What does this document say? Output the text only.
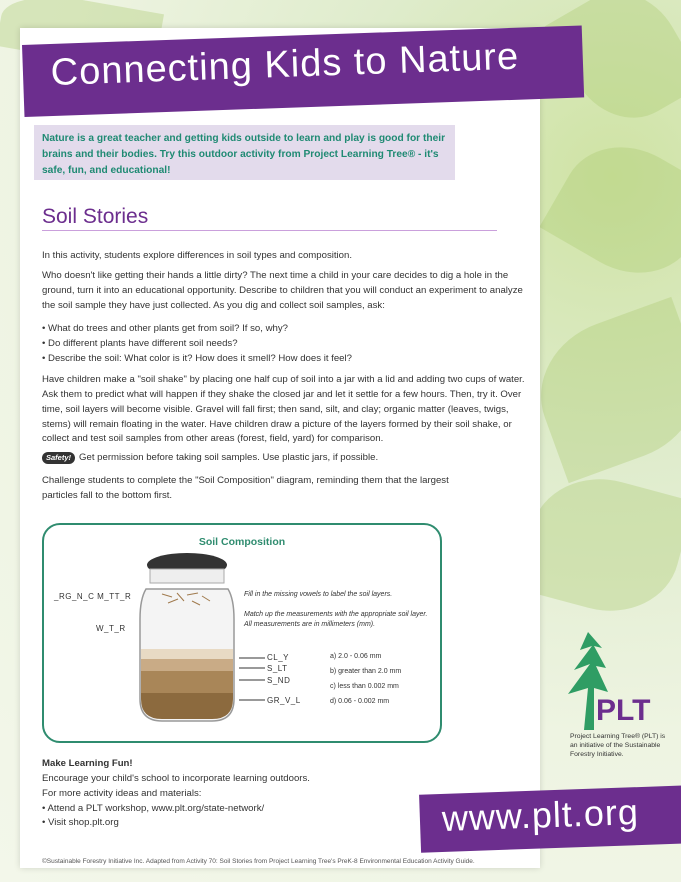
Connecting Kids to Nature
Nature is a great teacher and getting kids outside to learn and play is good for their brains and their bodies. Try this outdoor activity from Project Learning Tree® - it's safe, fun, and educational!
Soil Stories

In this activity, students explore differences in soil types and composition.

Who doesn't like getting their hands a little dirty? The next time a child in your care decides to dig a hole in the ground, turn it into an educational opportunity. Describe to children that you will conduct an experiment to analyze the soil sample they have just collected. As you dig and collect soil samples, ask:

• What do trees and other plants get from soil? If so, why?
• Do different plants have different soil needs?
• Describe the soil: What color is it? How does it smell? How does it feel?

Have children make a "soil shake" by placing one half cup of soil into a jar with a lid and adding two cups of water. Ask them to predict what will happen if they shake the closed jar and let it settle for a few hours. Then, try it. Over time, soil layers will become visible. Gravel will fall first; then sand, silt, and clay; organic matter (leaves, twigs, stems) will remain floating in the water. Have children draw a picture of the layers formed by their soil shake, or collect and test soil samples from other areas (forest, field, yard) for comparison.

Safety! Get permission before taking soil samples. Use plastic jars, if possible.

Challenge students to complete the "Soil Composition" diagram, reminding them that the largest particles fall to the bottom first.

Soil Composition
_RG_N_C M_TT_R
W_T_R
CL_Y
S_LT
S_ND
GR_V_L
Fill in the missing vowels to label the soil layers.
Match up the measurements with the appropriate soil layer. All measurements are in millimeters (mm).
a) 2.0 - 0.06 mm
b) greater than 2.0 mm
c) less than 0.002 mm
d) 0.06 - 0.002 mm
Make Learning Fun!
Encourage your child's school to incorporate learning outdoors.
For more activity ideas and materials:
• Attend a PLT workshop, www.plt.org/state-network/
• Visit shop.plt.org
PLT
Project Learning Tree® (PLT) is an initiative of the Sustainable Forestry Initiative.
www.plt.org
©Sustainable Forestry Initiative Inc. Adapted from Activity 70: Soil Stories from Project Learning Tree's PreK-8 Environmental Education Activity Guide.
